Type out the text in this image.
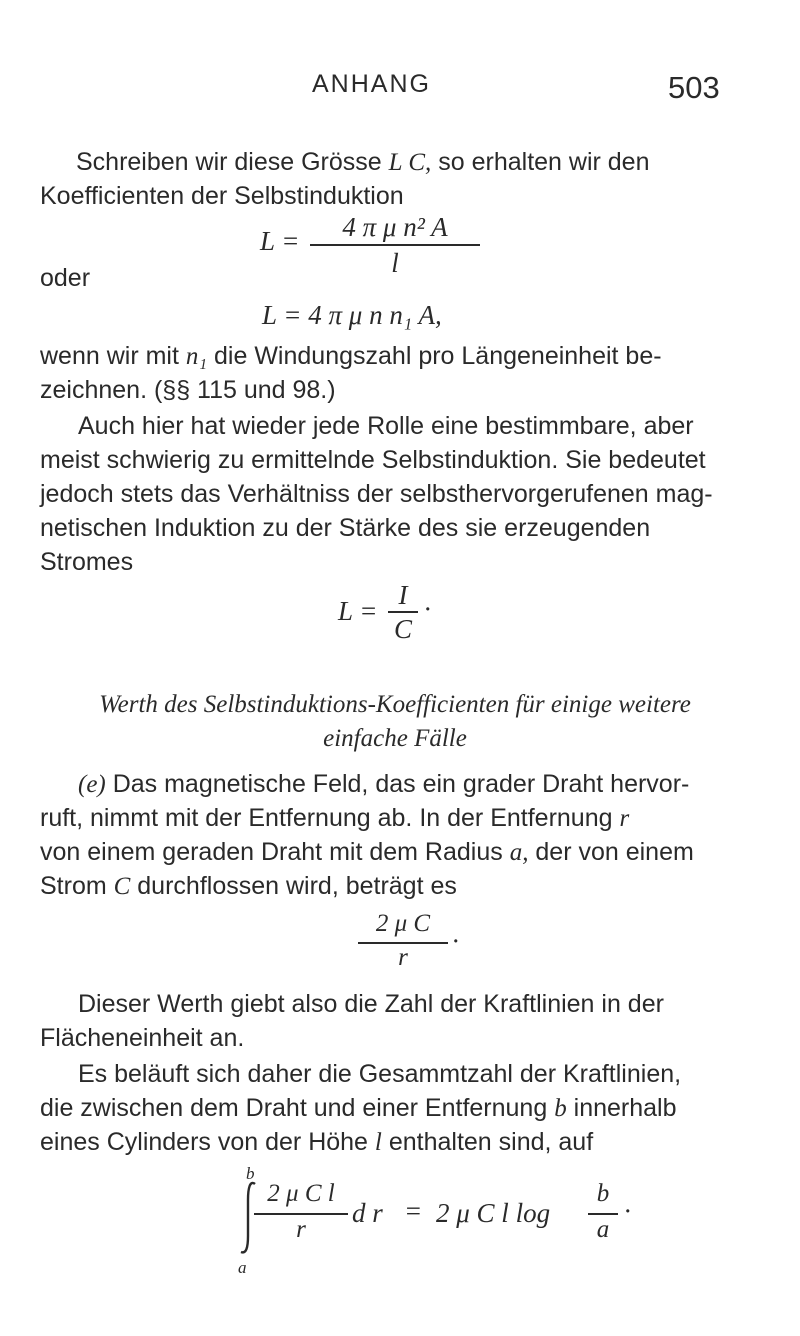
ANHANG	503

Schreiben wir diese Grösse L C, so erhalten wir den

Koefficienten der Selbstinduktion

L =	4 π μ n² A
l
oder
L = 4 π μ n n₁ A,

wenn wir mit n₁ die Windungszahl pro Längeneinheit be-

zeichnen. (§§ 115 und 98.)

Auch hier hat wieder jede Rolle eine bestimmbare, aber

meist schwierig zu ermittelnde Selbstinduktion. Sie bedeutet

jedoch stets das Verhältniss der selbsthervorgerufenen mag-

netischen Induktion zu der Stärke des sie erzeugenden

Stromes

L =
I
C
·
Werth des Selbstinduktions-Koefficienten für einige weitere
einfache Fälle

(e) Das magnetische Feld, das ein grader Draht hervor-

ruft, nimmt mit der Entfernung ab. In der Entfernung r

von einem geraden Draht mit dem Radius a, der von einem

Strom C durchflossen wird, beträgt es

2 μ C
r
·

Dieser Werth giebt also die Zahl der Kraftlinien in der

Flächeneinheit an.

Es beläuft sich daher die Gesammtzahl der Kraftlinien,

die zwischen dem Draht und einer Entfernung b innerhalb

eines Cylinders von der Höhe l enthalten sind, auf

b
a
2 μ C l
r
d r = 2 μ C l log
b
a
·
